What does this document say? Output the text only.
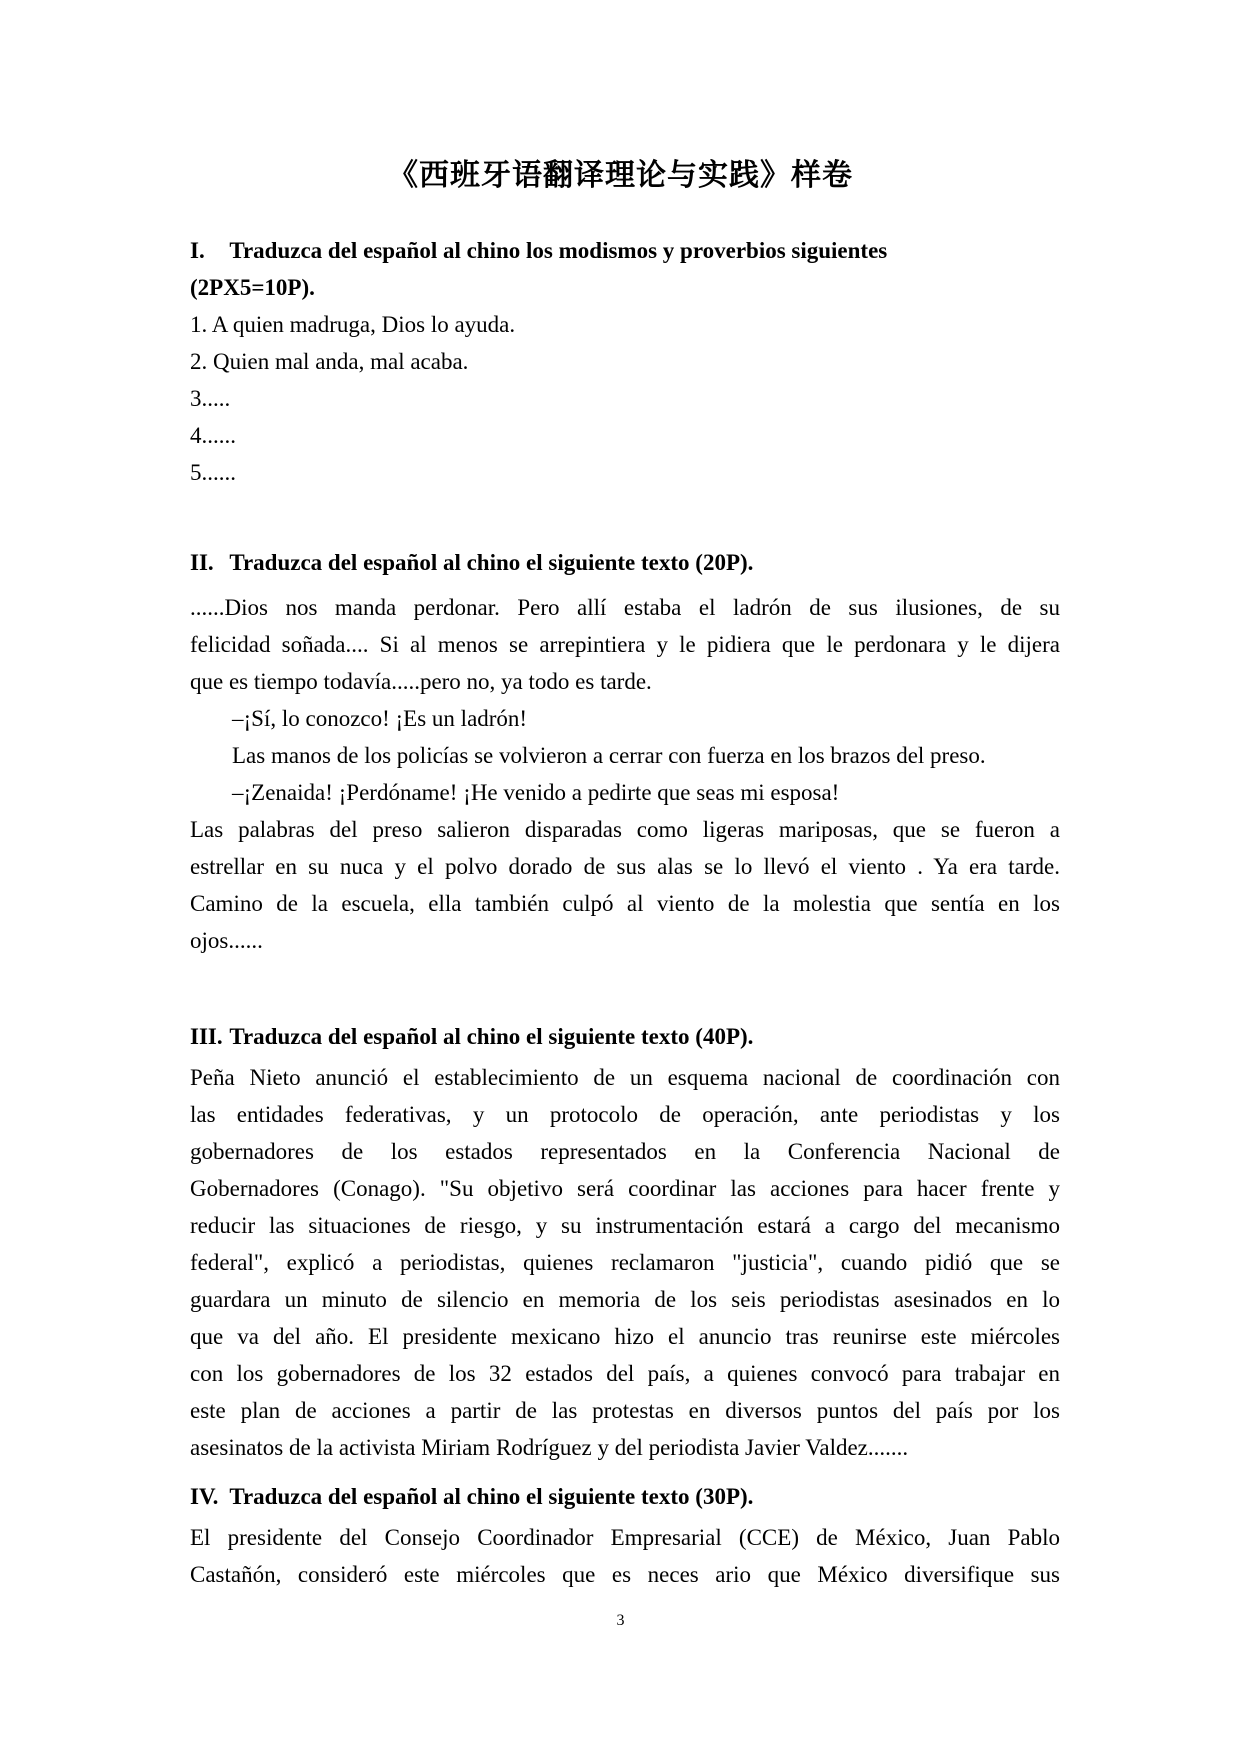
《西班牙语翻译理论与实践》样卷
I. Traduzca del español al chino los modismos y proverbios siguientes
(2PX5=10P).
1. A quien madruga, Dios lo ayuda.
2. Quien mal anda, mal acaba.
3.....
4......
5......
II. Traduzca del español al chino el siguiente texto (20P).
......Dios nos manda perdonar. Pero allí estaba el ladrón de sus ilusiones, de su
felicidad soñada.... Si al menos se arrepintiera y le pidiera que le perdonara y le dijera
que es tiempo todavía.....pero no, ya todo es tarde.
–¡Sí, lo conozco! ¡Es un ladrón!
Las manos de los policías se volvieron a cerrar con fuerza en los brazos del preso.
–¡Zenaida! ¡Perdóname! ¡He venido a pedirte que seas mi esposa!
Las palabras del preso salieron disparadas como ligeras mariposas, que se fueron a
estrellar en su nuca y el polvo dorado de sus alas se lo llevó el viento . Ya era tarde.
Camino de la escuela, ella también culpó al viento de la molestia que sentía en los
ojos......
III. Traduzca del español al chino el siguiente texto (40P).
Peña Nieto anunció el establecimiento de un esquema nacional de coordinación con
las entidades federativas, y un protocolo de operación, ante periodistas y los
gobernadores de los estados representados en la Conferencia Nacional de
Gobernadores (Conago). "Su objetivo será coordinar las acciones para hacer frente y
reducir las situaciones de riesgo, y su instrumentación estará a cargo del mecanismo
federal", explicó a periodistas, quienes reclamaron "justicia", cuando pidió que se
guardara un minuto de silencio en memoria de los seis periodistas asesinados en lo
que va del año. El presidente mexicano hizo el anuncio tras reunirse este miércoles
con los gobernadores de los 32 estados del país, a quienes convocó para trabajar en
este plan de acciones a partir de las protestas en diversos puntos del país por los
asesinatos de la activista Miriam Rodríguez y del periodista Javier Valdez.......
IV. Traduzca del español al chino el siguiente texto (30P).
El presidente del Consejo Coordinador Empresarial (CCE) de México, Juan Pablo
Castañón, consideró este miércoles que es neces ario que México diversifique sus
3
